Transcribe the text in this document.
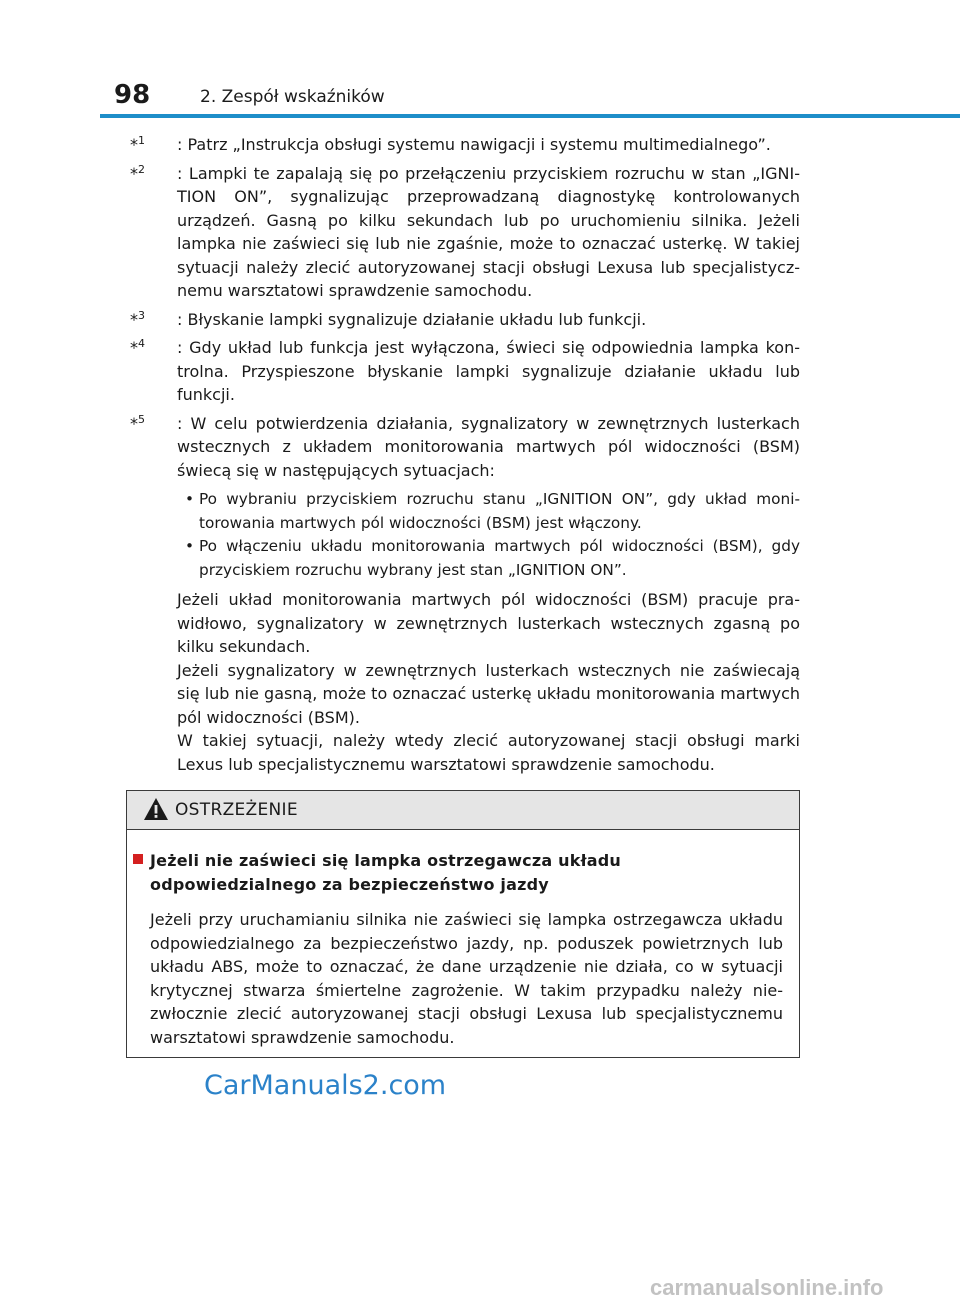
98	2. Zespół wskaźników
*$^1$	: Patrz „Instrukcja obsługi systemu nawigacji i systemu multimedialnego”.
*$^2$	: Lampki te zapalają się po przełączeniu przyciskiem rozruchu w stan „IGNI-TION ON”, sygnalizując przeprowadzaną diagnostykę kontrolowanych urządzeń. Gasną po kilku sekundach lub po uruchomieniu silnika. Jeżeli lampka nie zaświeci się lub nie zgaśnie, może to oznaczać usterkę. W takiej sytuacji należy zlecić autoryzowanej stacji obsługi Lexusa lub specjalistycz-nemu warsztatowi sprawdzenie samochodu.
*$^3$	: Błyskanie lampki sygnalizuje działanie układu lub funkcji.
*$^4$	: Gdy układ lub funkcja jest wyłączona, świeci się odpowiednia lampka kon-trolna. Przyspieszone błyskanie lampki sygnalizuje działanie układu lub funkcji.
*$^5$	: W celu potwierdzenia działania, sygnalizatory w zewnętrznych lusterkach wstecznych z układem monitorowania martwych pól widoczności (BSM) świecą się w następujących sytuacjach:

• Po wybraniu przyciskiem rozruchu stanu „IGNITION ON”, gdy układ moni-torowania martwych pól widoczności (BSM) jest włączony.
• Po włączeniu układu monitorowania martwych pól widoczności (BSM), gdy przyciskiem rozruchu wybrany jest stan „IGNITION ON”.

Jeżeli układ monitorowania martwych pól widoczności (BSM) pracuje pra-widłowo, sygnalizatory w zewnętrznych lusterkach wstecznych zgasną po kilku sekundach.

Jeżeli sygnalizatory w zewnętrznych lusterkach wstecznych nie zaświecają się lub nie gasną, może to oznaczać usterkę układu monitorowania martwych pól widoczności (BSM).

W takiej sytuacji, należy wtedy zlecić autoryzowanej stacji obsługi marki Lexus lub specjalistycznemu warsztatowi sprawdzenie samochodu.

OSTRZEŻENIE
Jeżeli nie zaświeci się lampka ostrzegawcza układu odpowiedzialnego za bezpieczeństwo jazdy
Jeżeli przy uruchamianiu silnika nie zaświeci się lampka ostrzegawcza układu odpowiedzialnego za bezpieczeństwo jazdy, np. poduszek powietrznych lub układu ABS, może to oznaczać, że dane urządzenie nie działa, co w sytuacji krytycznej stwarza śmiertelne zagrożenie. W takim przypadku należy nie-zwłocznie zlecić autoryzowanej stacji obsługi Lexusa lub specjalistycznemu warsztatowi sprawdzenie samochodu.
CarManuals2.com
carmanualsonline.info
